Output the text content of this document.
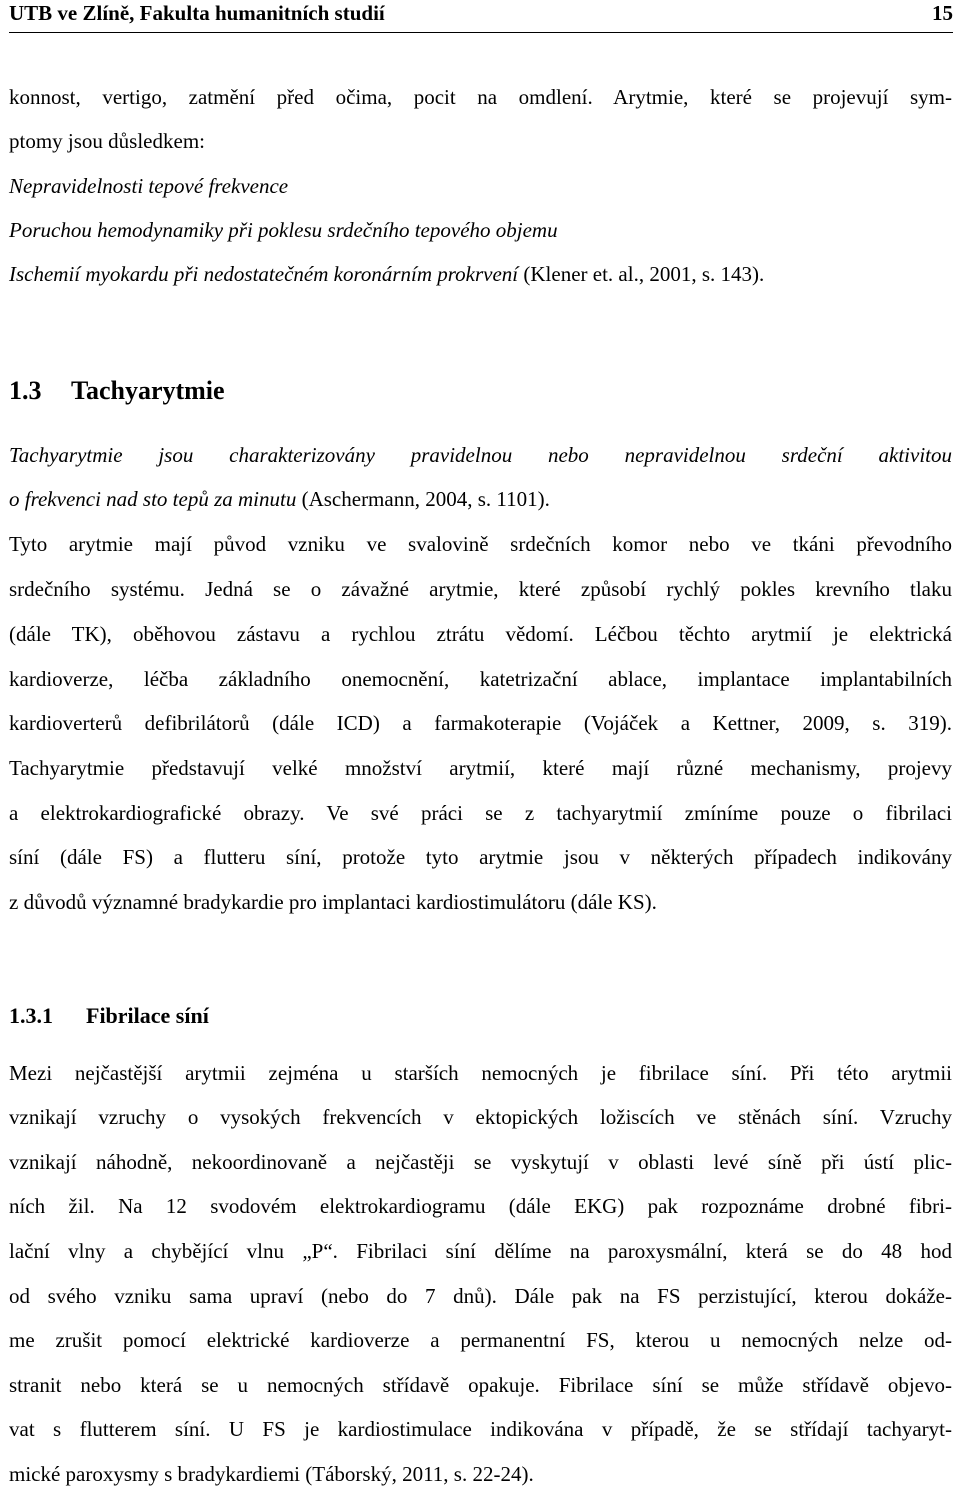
UTB ve Zlíně, Fakulta humanitních studií	15
konnost, vertigo, zatmění před očima, pocit na omdlení. Arytmie, které se projevují sym-
ptomy jsou důsledkem:
Nepravidelnosti tepové frekvence
Poruchou hemodynamiky při poklesu srdečního tepového objemu
Ischemií myokardu při nedostatečném koronárním prokrvení (Klener et. al., 2001, s. 143).
1.3 Tachyarytmie
Tachyarytmie jsou charakterizovány pravidelnou nebo nepravidelnou srdeční aktivitou
o frekvenci nad sto tepů za minutu (Aschermann, 2004, s. 1101).
Tyto arytmie mají původ vzniku ve svalovině srdečních komor nebo ve tkáni převodního
srdečního systému. Jedná se o závažné arytmie, které způsobí rychlý pokles krevního tlaku
(dále TK), oběhovou zástavu a rychlou ztrátu vědomí. Léčbou těchto arytmií je elektrická
kardioverze, léčba základního onemocnění, katetrizační ablace, implantace implantabilních
kardioverterů defibrilátorů (dále ICD) a farmakoterapie (Vojáček a Kettner, 2009, s. 319).
Tachyarytmie představují velké množství arytmií, které mají různé mechanismy, projevy
a elektrokardiografické obrazy. Ve své práci se z tachyarytmií zmíníme pouze o fibrilaci
síní (dále FS) a flutteru síní, protože tyto arytmie jsou v některých případech indikovány
z důvodů významné bradykardie pro implantaci kardiostimulátoru (dále KS).
1.3.1 Fibrilace síní
Mezi nejčastější arytmii zejména u starších nemocných je fibrilace síní. Při této arytmii
vznikají vzruchy o vysokých frekvencích v ektopických ložiscích ve stěnách síní. Vzruchy
vznikají náhodně, nekoordinovaně a nejčastěji se vyskytují v oblasti levé síně při ústí plic-
ních žil. Na 12 svodovém elektrokardiogramu (dále EKG) pak rozpoznáme drobné fibri-
lační vlny a chybějící vlnu „P“. Fibrilaci síní dělíme na paroxysmální, která se do 48 hod
od svého vzniku sama upraví (nebo do 7 dnů). Dále pak na FS perzistující, kterou dokáže-
me zrušit pomocí elektrické kardioverze a permanentní FS, kterou u nemocných nelze od-
stranit nebo která se u nemocných střídavě opakuje. Fibrilace síní se může střídavě objevo-
vat s flutterem síní. U FS je kardiostimulace indikována v případě, že se střídají tachyaryt-
mické paroxysmy s bradykardiemi (Táborský, 2011, s. 22-24).
